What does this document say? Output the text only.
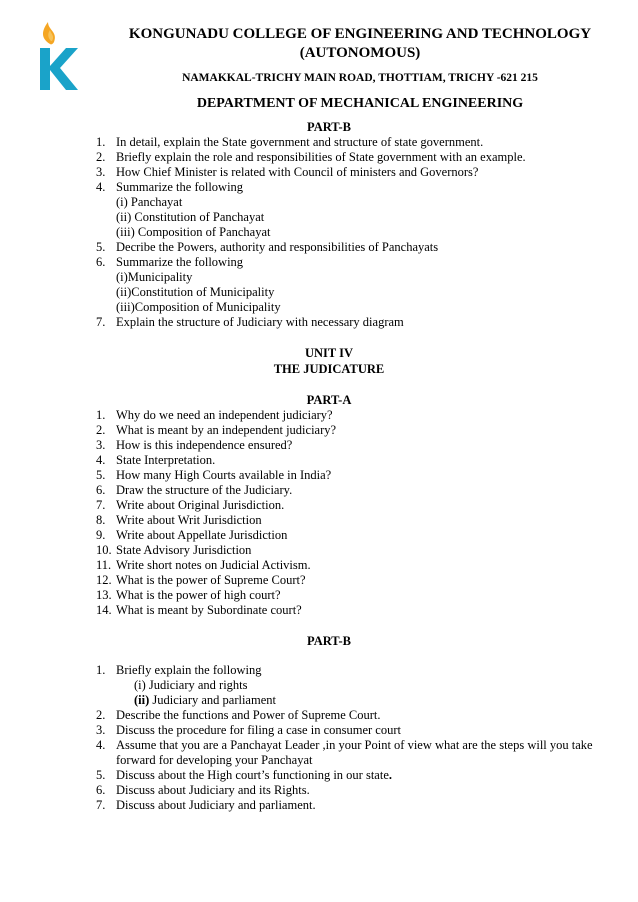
KONGUNADU COLLEGE OF ENGINEERING AND TECHNOLOGY
(AUTONOMOUS)
NAMAKKAL-TRICHY MAIN ROAD, THOTTIAM, TRICHY -621 215
DEPARTMENT OF MECHANICAL ENGINEERING
PART-B
1. In detail, explain the State government and structure of state government.
2. Briefly explain the role and responsibilities of State government with an example.
3. How Chief Minister is related with Council of ministers and Governors?
4. Summarize the following
(i) Panchayat
(ii) Constitution of Panchayat
(iii) Composition of Panchayat
5. Decribe the Powers, authority and responsibilities of Panchayats
6. Summarize the following
(i)Municipality
(ii)Constitution of Municipality
(iii)Composition of Municipality
7. Explain the structure of Judiciary with necessary diagram
UNIT IV
THE JUDICATURE
PART-A
1. Why do we need an independent judiciary?
2. What is meant by an independent judiciary?
3. How is this independence ensured?
4. State Interpretation.
5. How many High Courts available in India?
6. Draw the structure of the Judiciary.
7. Write about Original Jurisdiction.
8. Write about Writ Jurisdiction
9. Write about Appellate Jurisdiction
10. State Advisory Jurisdiction
11. Write short notes on Judicial Activism.
12. What is the power of Supreme Court?
13. What is the power of high court?
14. What is meant by Subordinate court?
PART-B
1. Briefly explain the following
(i) Judiciary and rights
(ii) Judiciary and parliament
2. Describe the functions and Power of Supreme Court.
3. Discuss the procedure for filing a case in consumer court
4. Assume that you are a Panchayat Leader ,in your Point of view what are the steps will you take forward for developing your Panchayat
5. Discuss about the High court’s functioning in our state.
6. Discuss about Judiciary and its Rights.
7. Discuss about Judiciary and parliament.
